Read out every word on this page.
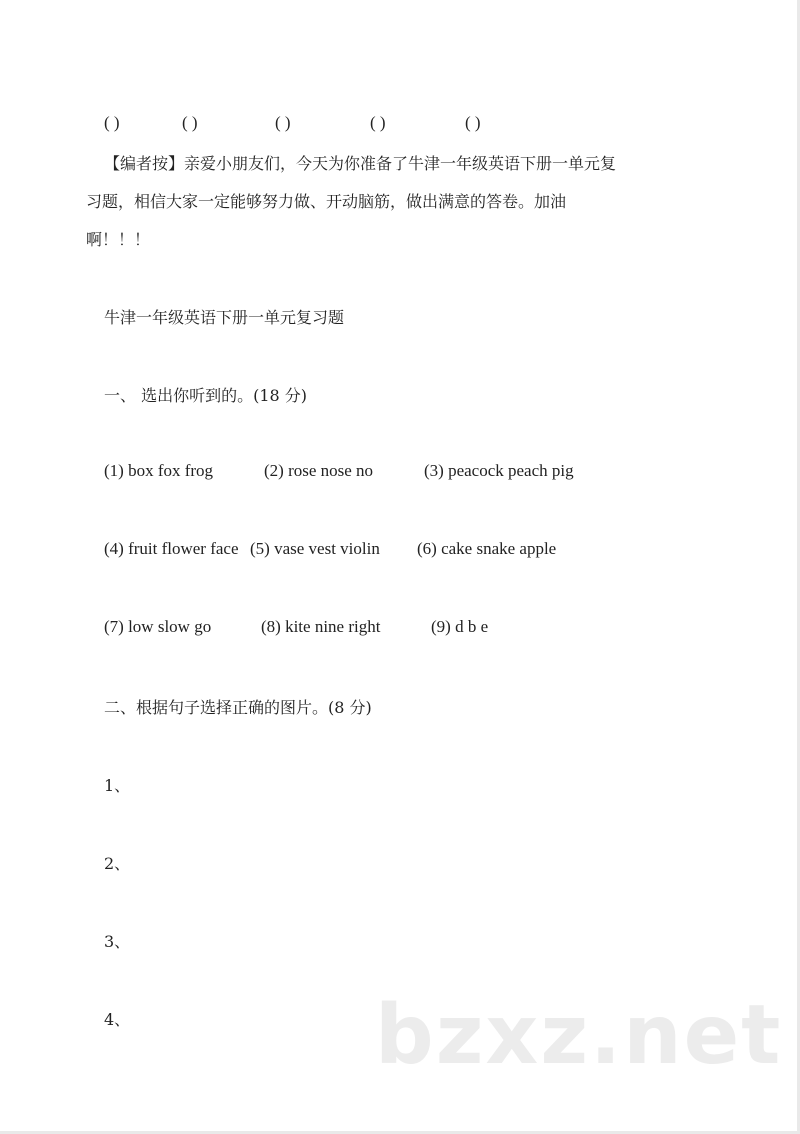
( )	( )	( )	( )	( )
【编者按】亲爱小朋友们，今天为你准备了牛津一年级英语下册一单元复
习题，相信大家一定能够努力做、开动脑筋，做出满意的答卷。加油
啊！！！
牛津一年级英语下册一单元复习题
一、 选出你听到的。(18 分)
(1) box fox frog	(2) rose nose no	(3) peacock peach pig
(4) fruit flower face (5) vase vest violin (6) cake snake apple
(7) low slow go	(8) kite nine right	(9) d b e
二、根据句子选择正确的图片。(8 分)
1、
2、
3、
4、	bzxz.net
